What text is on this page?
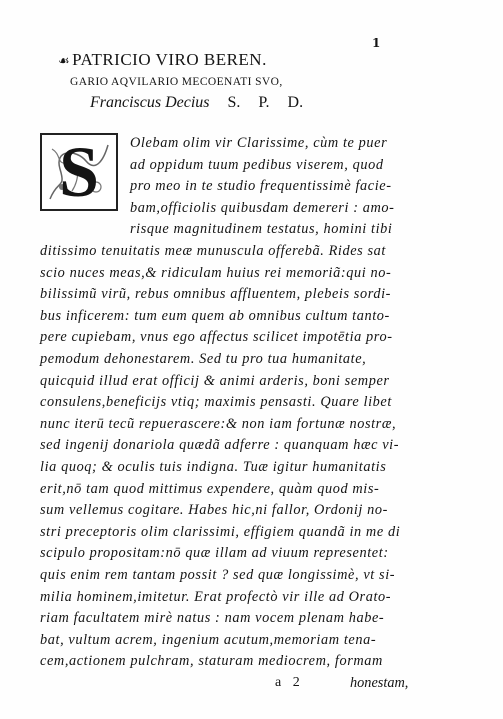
1
☙ PATRICIO VIRO BEREN.
GARIO AQVILARIO MECOENATI SVO,
Franciscus Decius S. P. D.
S	Olebam olim vir Clarissime, cùm te puer
ad oppidum tuum pedibus viserem, quod
pro meo in te studio frequentissimè facie-
bam,officiolis quibusdam demereri : amo-
risque magnitudinem testatus, homini tibi
ditissimo tenuitatis meæ munuscula offerebã. Rides sat
scio nuces meas,& ridiculam huius rei memoriã:qui no-
bilissimũ virũ, rebus omnibus affluentem, plebeis sordi-
bus inficerem: tum eum quem ab omnibus cultum tanto-
pere cupiebam, vnus ego affectus scilicet impotētia pro-
pemodum dehonestarem. Sed tu pro tua humanitate,
quicquid illud erat officij & animi arderis, boni semper
consulens,beneficijs vtiq; maximis pensasti. Quare libet
nunc iterū tecũ repuerascere:& non iam fortunæ nostræ,
sed ingenij donariola quædã adferre : quanquam hæc vi-
lia quoq; & oculis tuis indigna. Tuæ igitur humanitatis
erit,nō tam quod mittimus expendere, quàm quod mis-
sum vellemus cogitare. Habes hic,ni fallor, Ordonij no-
stri preceptoris olim clarissimi, effigiem quandã in me di
scipulo propositam:nō quæ illam ad viuum representet:
quis enim rem tantam possit ? sed quæ longissimè, vt si-
milia hominem,imitetur. Erat profectò vir ille ad Orato-
riam facultatem mirè natus : nam vocem plenam habe-
bat, vultum acrem, ingenium acutum,memoriam tena-
cem,actionem pulchram, staturam mediocrem, formam
a 2	honestam,
